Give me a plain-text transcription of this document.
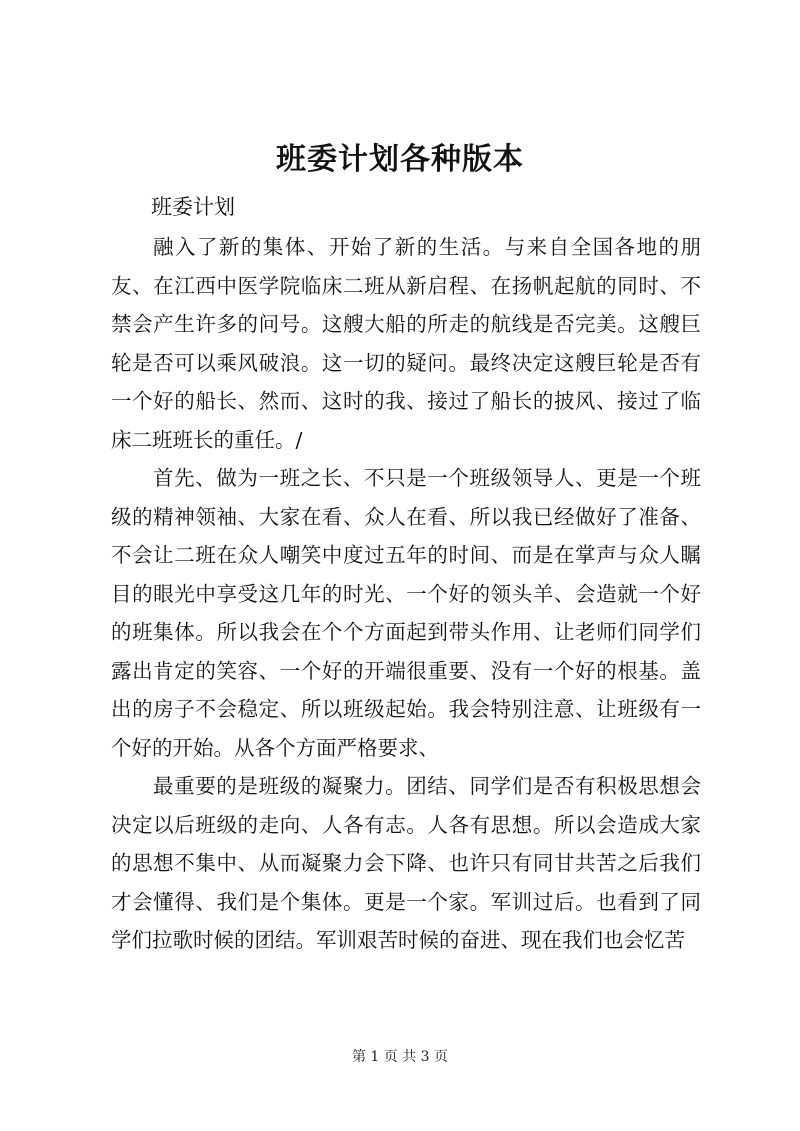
班委计划各种版本
班委计划

融入了新的集体、开始了新的生活。与来自全国各地的朋友、在江西中医学院临床二班从新启程、在扬帆起航的同时、不禁会产生许多的问号。这艘大船的所走的航线是否完美。这艘巨轮是否可以乘风破浪。这一切的疑问。最终决定这艘巨轮是否有一个好的船长、然而、这时的我、接过了船长的披风、接过了临床二班班长的重任。/

首先、做为一班之长、不只是一个班级领导人、更是一个班级的精神领袖、大家在看、众人在看、所以我已经做好了准备、不会让二班在众人嘲笑中度过五年的时间、而是在掌声与众人瞩目的眼光中享受这几年的时光、一个好的领头羊、会造就一个好的班集体。所以我会在个个方面起到带头作用、让老师们同学们露出肯定的笑容、一个好的开端很重要、没有一个好的根基。盖出的房子不会稳定、所以班级起始。我会特别注意、让班级有一个好的开始。从各个方面严格要求、

最重要的是班级的凝聚力。团结、同学们是否有积极思想会决定以后班级的走向、人各有志。人各有思想。所以会造成大家的思想不集中、从而凝聚力会下降、也许只有同甘共苦之后我们才会懂得、我们是个集体。更是一个家。军训过后。也看到了同学们拉歌时候的团结。军训艰苦时候的奋进、现在我们也会忆苦

第 1 页 共 3 页
